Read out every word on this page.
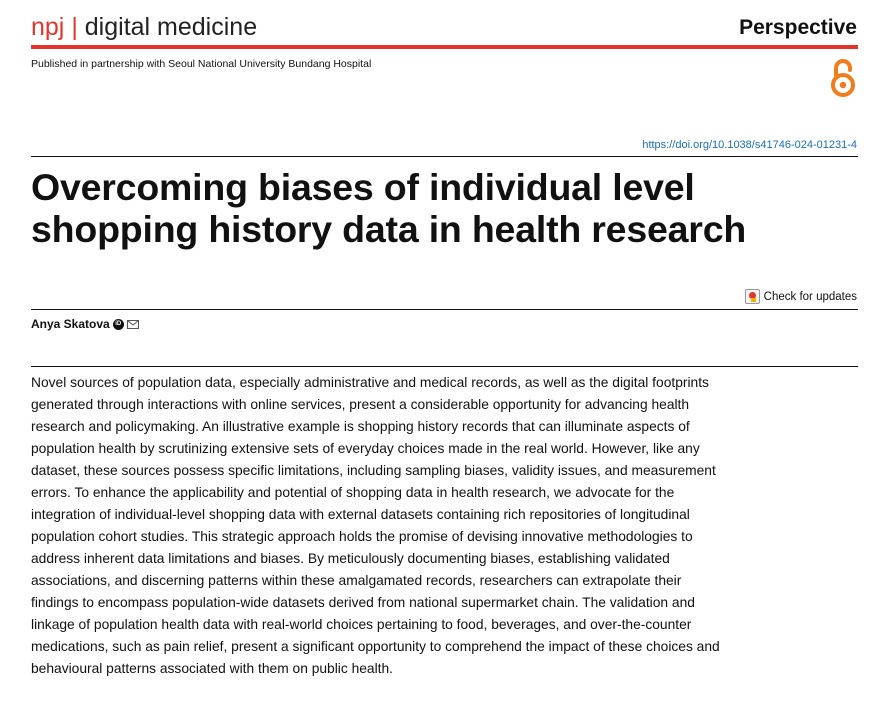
npj | digital medicine	Perspective
Published in partnership with Seoul National University Bundang Hospital
https://doi.org/10.1038/s41746-024-01231-4
Overcoming biases of individual level shopping history data in health research
Check for updates
Anya Skatova iD

Novel sources of population data, especially administrative and medical records, as well as the digital footprints generated through interactions with online services, present a considerable opportunity for advancing health research and policymaking. An illustrative example is shopping history records that can illuminate aspects of population health by scrutinizing extensive sets of everyday choices made in the real world. However, like any dataset, these sources possess specific limitations, including sampling biases, validity issues, and measurement errors. To enhance the applicability and potential of shopping data in health research, we advocate for the integration of individual-level shopping data with external datasets containing rich repositories of longitudinal population cohort studies. This strategic approach holds the promise of devising innovative methodologies to address inherent data limitations and biases. By meticulously documenting biases, establishing validated associations, and discerning patterns within these amalgamated records, researchers can extrapolate their findings to encompass population-wide datasets derived from national supermarket chain. The validation and linkage of population health data with real-world choices pertaining to food, beverages, and over-the-counter medications, such as pain relief, present a significant opportunity to comprehend the impact of these choices and behavioural patterns associated with them on public health.
